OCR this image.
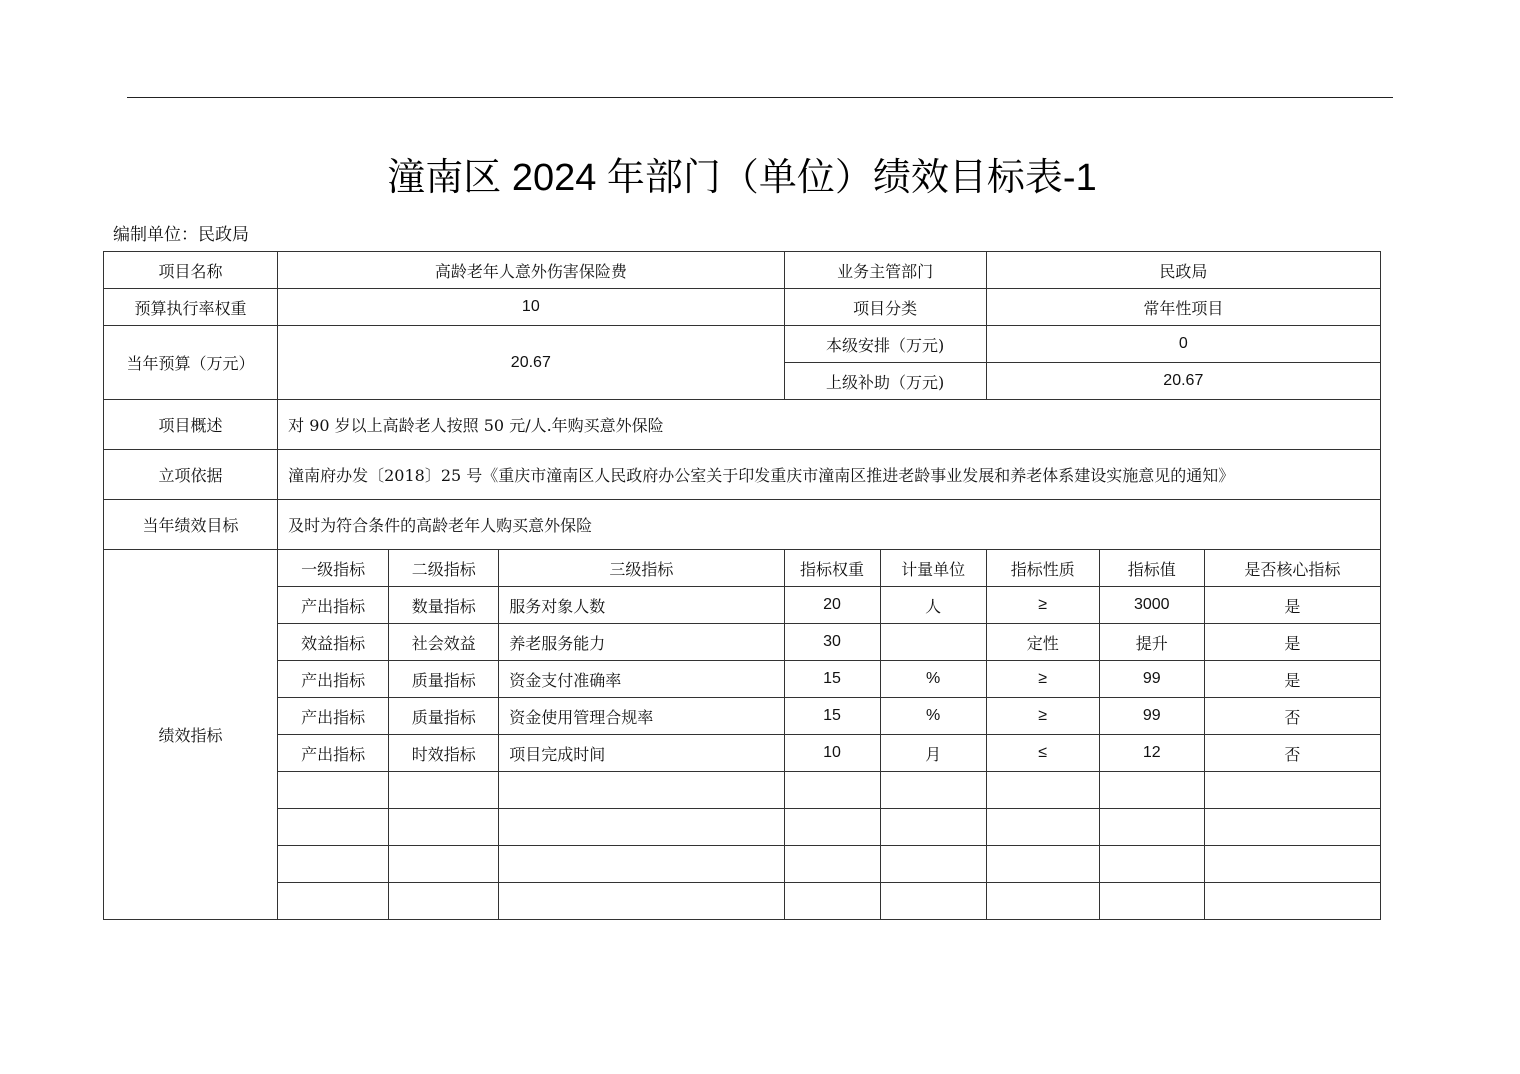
潼南区 2024 年部门（单位）绩效目标表-1
编制单位：民政局
项目名称	高龄老年人意外伤害保险费			业务主管部门		民政局		
预算执行率权重	10			项目分类		常年性项目		
当年预算（万元）	20.67			本级安排（万元)		0		
				上级补助（万元)		20.67		
项目概述	对 90 岁以上高龄老人按照 50 元/人.年购买意外保险							
立项依据	潼南府办发〔2018〕25 号《重庆市潼南区人民政府办公室关于印发重庆市潼南区推进老龄事业发展和养老体系建设实施意见的通知》							
当年绩效目标	及时为符合条件的高龄老年人购买意外保险							
绩效指标	一级指标	二级指标	三级指标	指标权重	计量单位	指标性质	指标值	是否核心指标
	产出指标	数量指标	服务对象人数	20	人	≥	3000	是
	效益指标	社会效益	养老服务能力	30		定性	提升	是
	产出指标	质量指标	资金支付准确率	15	%	≥	99	是
	产出指标	质量指标	资金使用管理合规率	15	%	≥	99	否
	产出指标	时效指标	项目完成时间	10	月	≤	12	否
